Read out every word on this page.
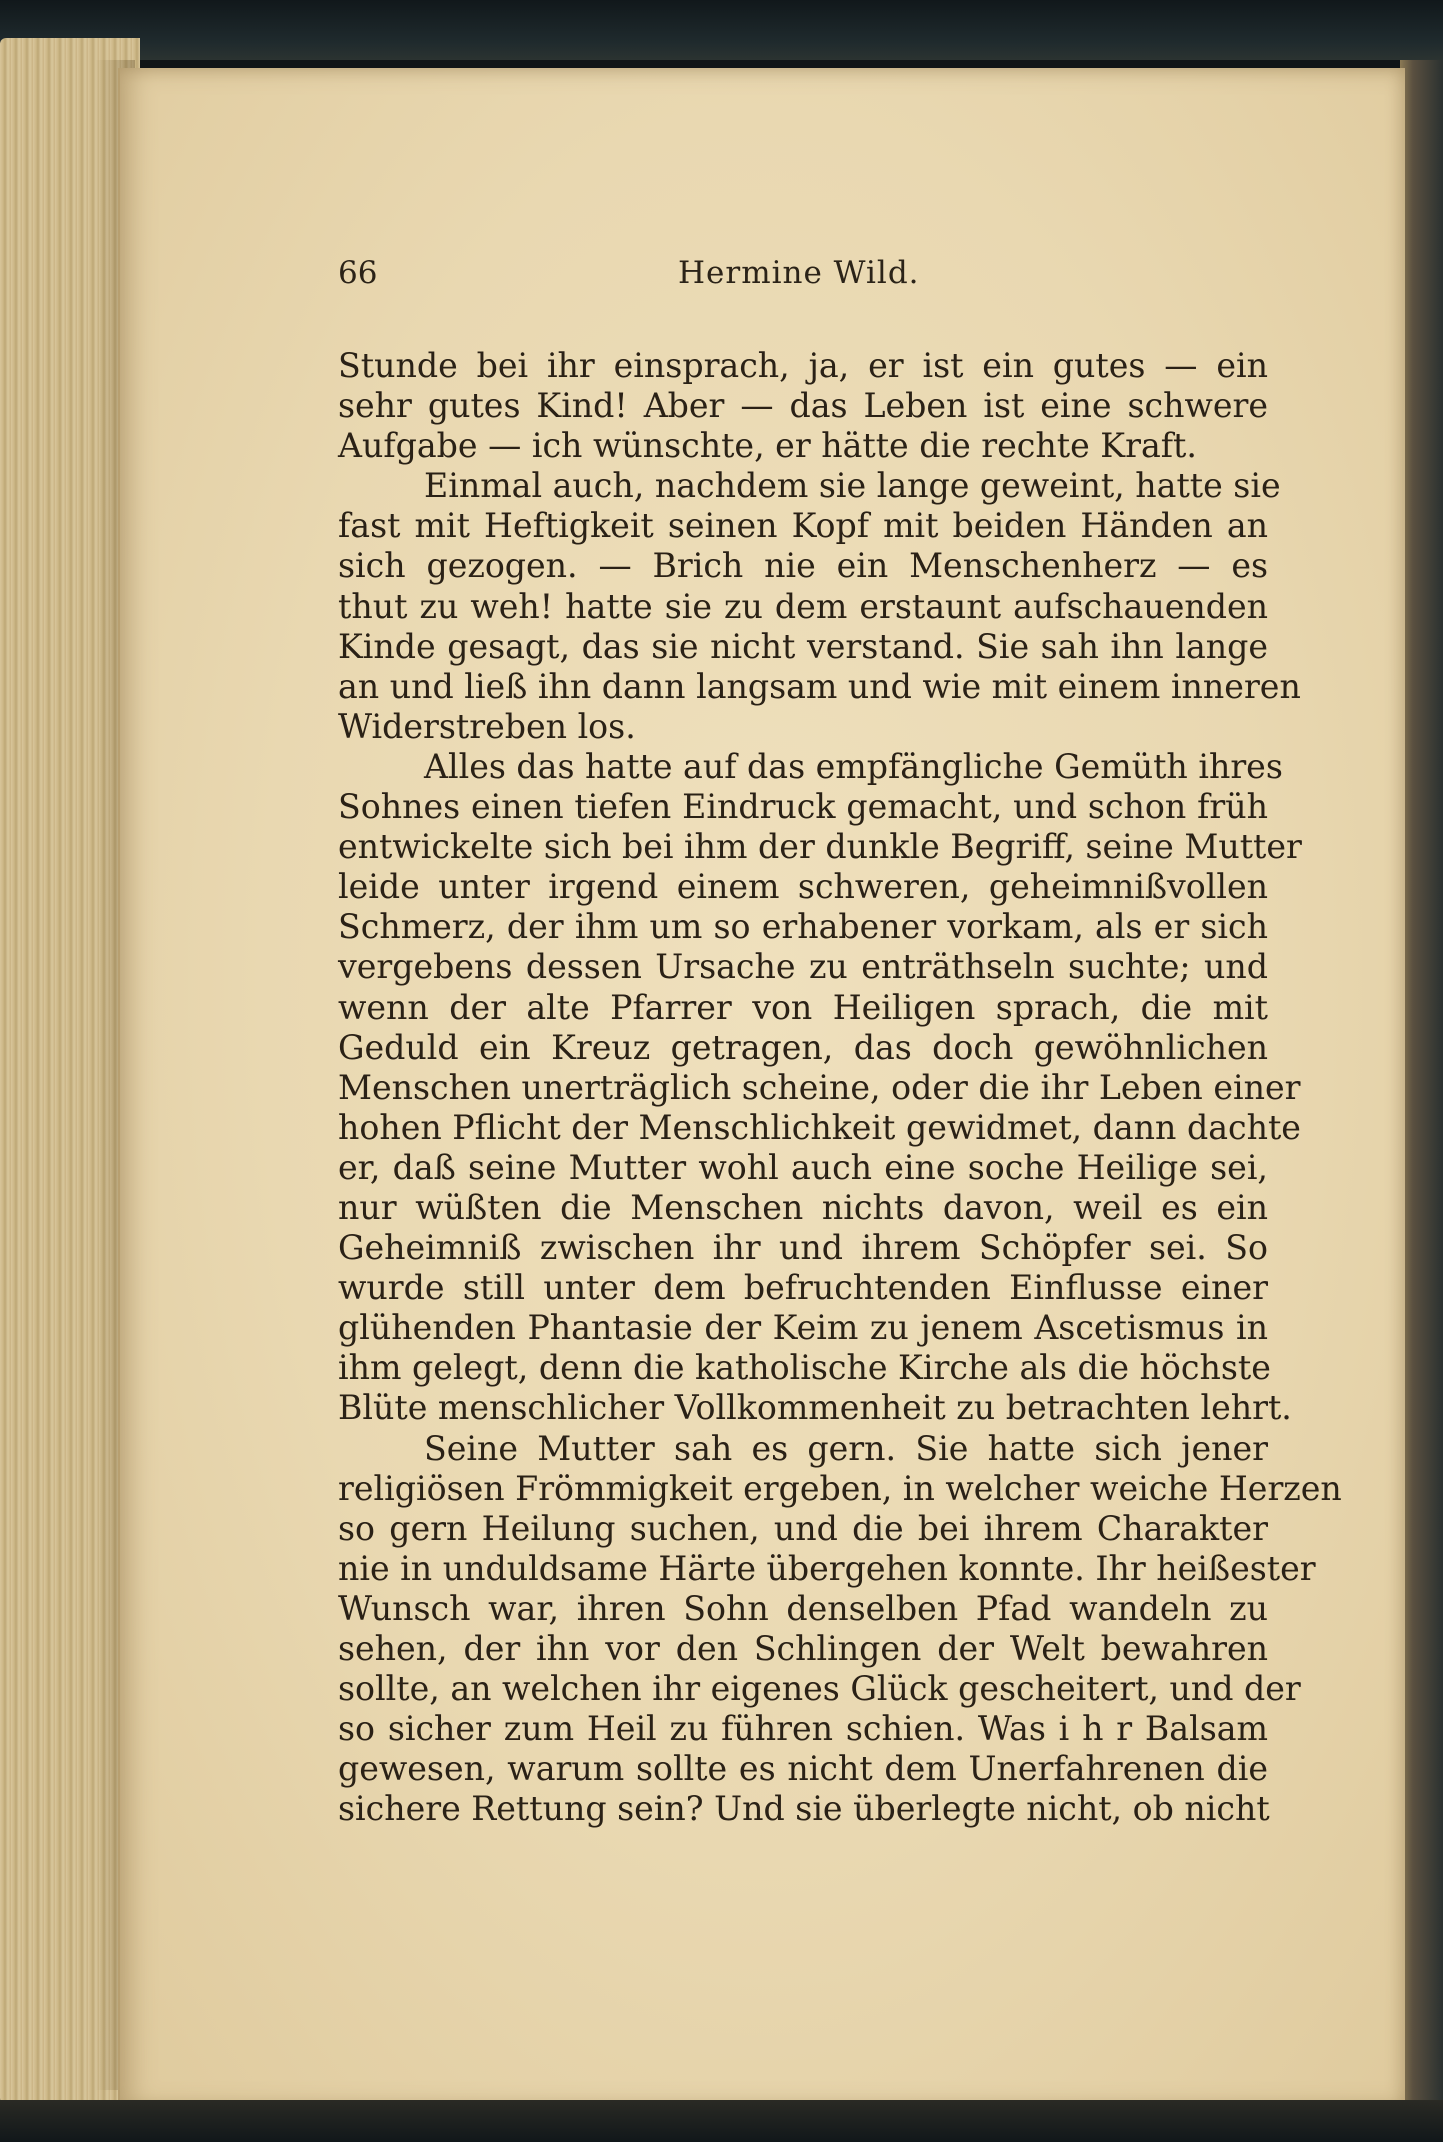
66	Hermine Wild.
Stunde bei ihr einsprach, ja, er ist ein gutes — ein
sehr gutes Kind! Aber — das Leben ist eine schwere
Aufgabe — ich wünschte, er hätte die rechte Kraft.
Einmal auch, nachdem sie lange geweint, hatte sie
fast mit Heftigkeit seinen Kopf mit beiden Händen an
sich gezogen. — Brich nie ein Menschenherz — es
thut zu weh! hatte sie zu dem erstaunt aufschauenden
Kinde gesagt, das sie nicht verstand. Sie sah ihn lange
an und ließ ihn dann langsam und wie mit einem inneren
Widerstreben los.
Alles das hatte auf das empfängliche Gemüth ihres
Sohnes einen tiefen Eindruck gemacht, und schon früh
entwickelte sich bei ihm der dunkle Begriff, seine Mutter
leide unter irgend einem schweren, geheimnißvollen
Schmerz, der ihm um so erhabener vorkam, als er sich
vergebens dessen Ursache zu enträthseln suchte; und
wenn der alte Pfarrer von Heiligen sprach, die mit
Geduld ein Kreuz getragen, das doch gewöhnlichen
Menschen unerträglich scheine, oder die ihr Leben einer
hohen Pflicht der Menschlichkeit gewidmet, dann dachte
er, daß seine Mutter wohl auch eine soche Heilige sei,
nur wüßten die Menschen nichts davon, weil es ein
Geheimniß zwischen ihr und ihrem Schöpfer sei. So
wurde still unter dem befruchtenden Einflusse einer
glühenden Phantasie der Keim zu jenem Ascetismus in
ihm gelegt, denn die katholische Kirche als die höchste
Blüte menschlicher Vollkommenheit zu betrachten lehrt.
Seine Mutter sah es gern. Sie hatte sich jener
religiösen Frömmigkeit ergeben, in welcher weiche Herzen
so gern Heilung suchen, und die bei ihrem Charakter
nie in unduldsame Härte übergehen konnte. Ihr heißester
Wunsch war, ihren Sohn denselben Pfad wandeln zu
sehen, der ihn vor den Schlingen der Welt bewahren
sollte, an welchen ihr eigenes Glück gescheitert, und der
so sicher zum Heil zu führen schien. Was i h r Balsam
gewesen, warum sollte es nicht dem Unerfahrenen die
sichere Rettung sein? Und sie überlegte nicht, ob nicht
